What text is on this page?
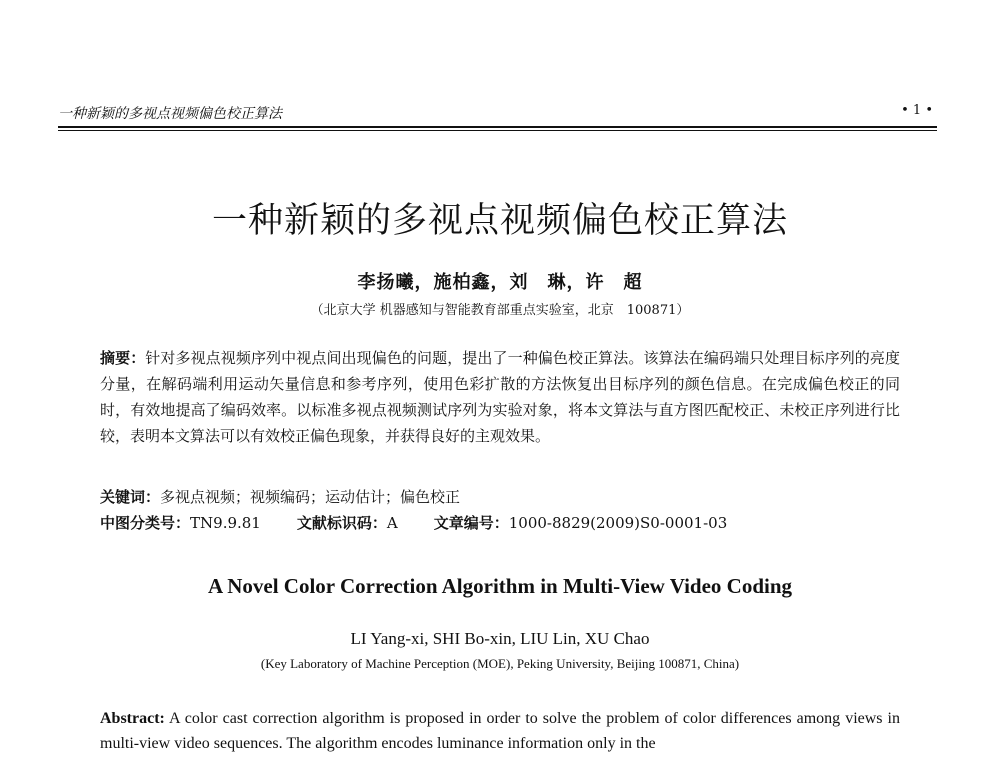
一种新颖的多视点视频偏色校正算法	• 1 •
一种新颖的多视点视频偏色校正算法
李扬曦，施柏鑫，刘　琳，许　超
（北京大学 机器感知与智能教育部重点实验室，北京　100871）
摘要：针对多视点视频序列中视点间出现偏色的问题，提出了一种偏色校正算法。该算法在编码端只处理目标序列的亮度分量，在解码端利用运动矢量信息和参考序列，使用色彩扩散的方法恢复出目标序列的颜色信息。在完成偏色校正的同时，有效地提高了编码效率。以标准多视点视频测试序列为实验对象，将本文算法与直方图匹配校正、未校正序列进行比较，表明本文算法可以有效校正偏色现象，并获得良好的主观效果。
关键词：多视点视频；视频编码；运动估计；偏色校正
中图分类号：TN9.9.81 文献标识码：A 文章编号：1000-8829(2009)S0-0001-03
A Novel Color Correction Algorithm in Multi-View Video Coding
LI Yang-xi, SHI Bo-xin, LIU Lin, XU Chao
(Key Laboratory of Machine Perception (MOE), Peking University, Beijing 100871, China)
Abstract: A color cast correction algorithm is proposed in order to solve the problem of color differences among views in multi-view video sequences. The algorithm encodes luminance information only in the
